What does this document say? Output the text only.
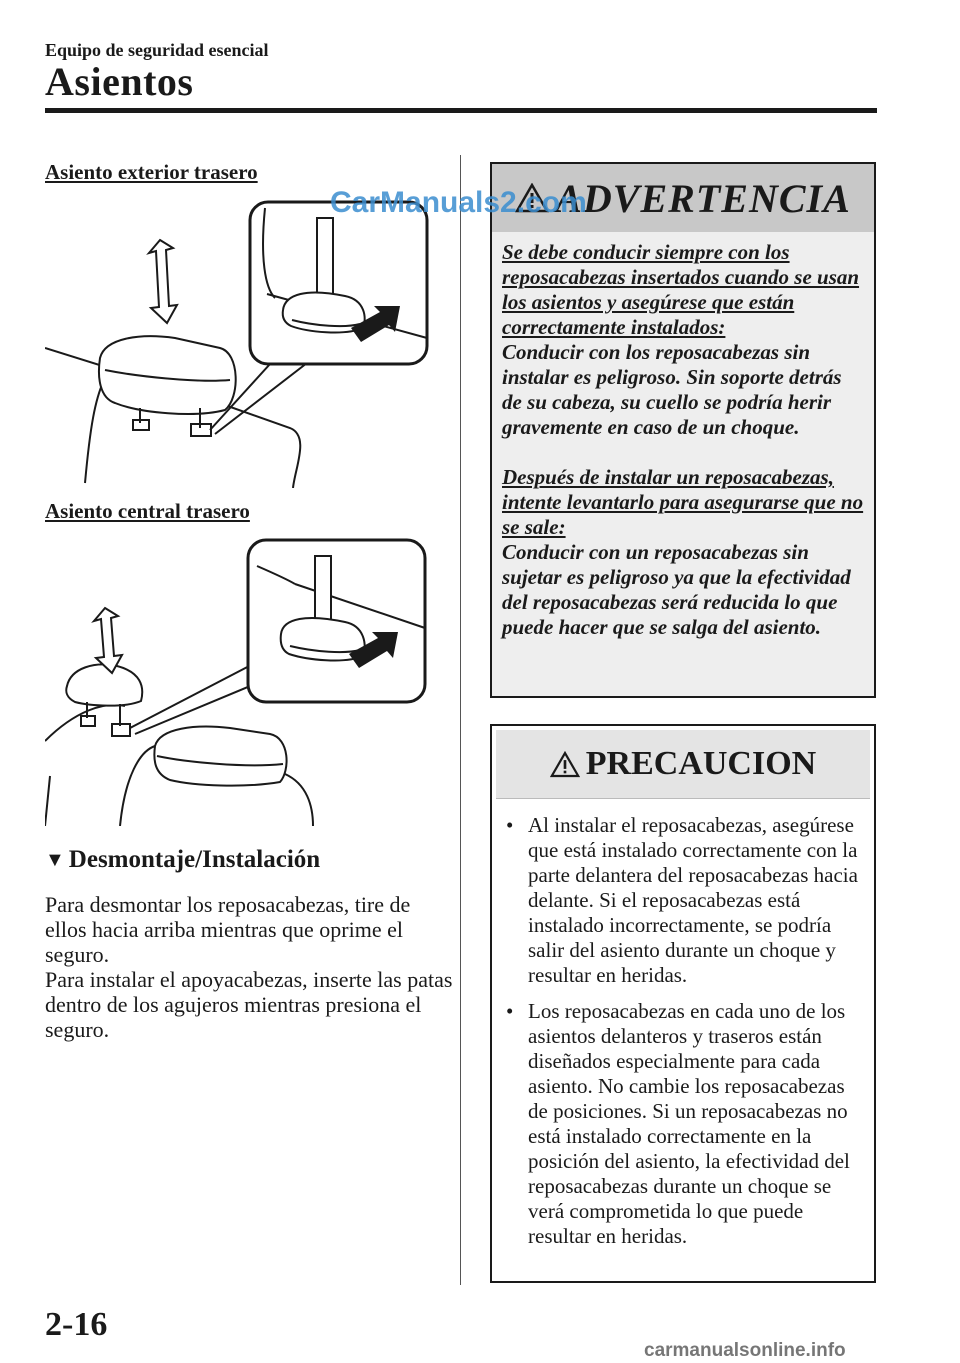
Equipo de seguridad esencial
Asientos
Asiento exterior trasero
Asiento central trasero
▼ Desmontaje/Instalación

Para desmontar los reposacabezas, tire de ellos hacia arriba mientras que oprime el seguro.

Para instalar el apoyacabezas, inserte las patas dentro de los agujeros mientras presiona el seguro.

ADVERTENCIA

Se debe conducir siempre con los reposacabezas insertados cuando se usan los asientos y asegúrese que están correctamente instalados:

Conducir con los reposacabezas sin instalar es peligroso. Sin soporte detrás de su cabeza, su cuello se podría herir gravemente en caso de un choque.

Después de instalar un reposacabezas, intente levantarlo para asegurarse que no se sale:

Conducir con un reposacabezas sin sujetar es peligroso ya que la efectividad del reposacabezas será reducida lo que puede hacer que se salga del asiento.

PRECAUCION
• Al instalar el reposacabezas, asegúrese que está instalado correctamente con la parte delantera del reposacabezas hacia delante. Si el reposacabezas está instalado incorrectamente, se podría salir del asiento durante un choque y resultar en heridas.
• Los reposacabezas en cada uno de los asientos delanteros y traseros están diseñados especialmente para cada asiento. No cambie los reposacabezas de posiciones. Si un reposacabezas no está instalado correctamente en la posición del asiento, la efectividad del reposacabezas durante un choque se verá comprometida lo que puede resultar en heridas.
2-16
CarManuals2.com
carmanualsonline.info
